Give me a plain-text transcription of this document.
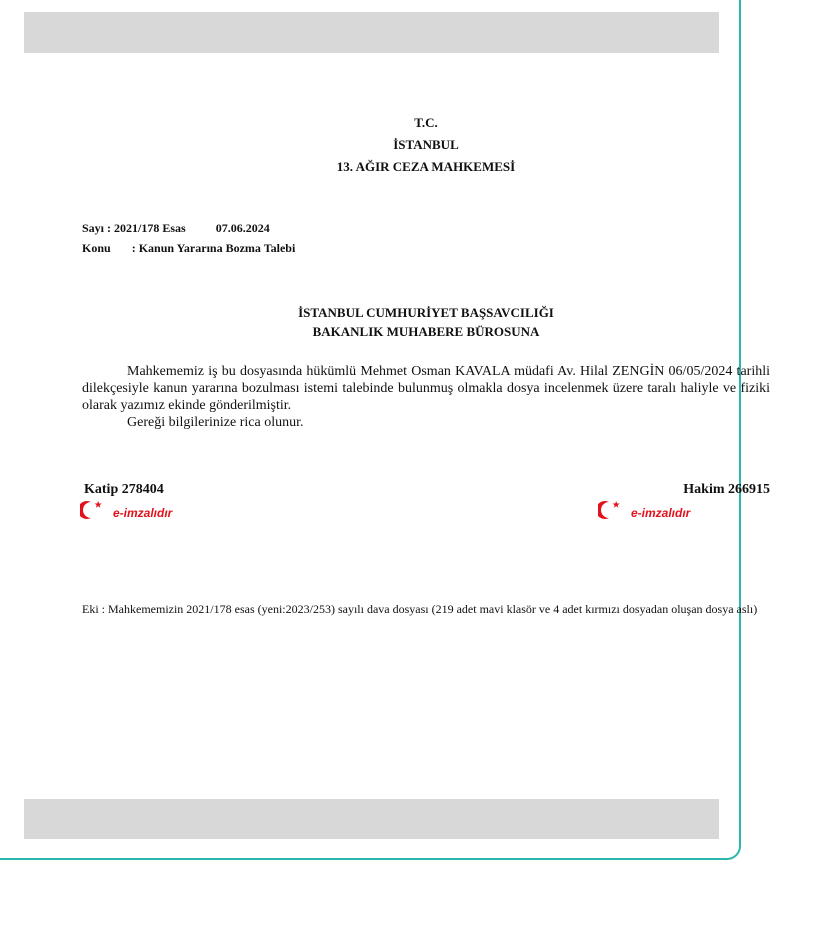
T.C.
İSTANBUL
13. AĞIR CEZA MAHKEMESİ
Sayı : 2021/178 Esas	07.06.2024
Konu       : Kanun Yararına Bozma Talebi
İSTANBUL CUMHURİYET BAŞSAVCILIĞI
BAKANLIK MUHABERE BÜROSUNA

Mahkememiz iş bu dosyasında hükümlü Mehmet Osman KAVALA müdafi Av. Hilal ZENGİN 06/05/2024 tarihli dilekçesiyle kanun yararına bozulması istemi talebinde bulunmuş olmakla dosya incelenmek üzere taralı haliyle ve fiziki olarak yazımız ekinde gönderilmiştir.

Gereği bilgilerinize rica olunur.

Katip 278404	Hakim 266915
e-imzalıdır	e-imzalıdır
Eki : Mahkememizin 2021/178 esas (yeni:2023/253) sayılı dava dosyası (219 adet mavi klasör ve 4 adet kırmızı dosyadan oluşan dosya aslı)
